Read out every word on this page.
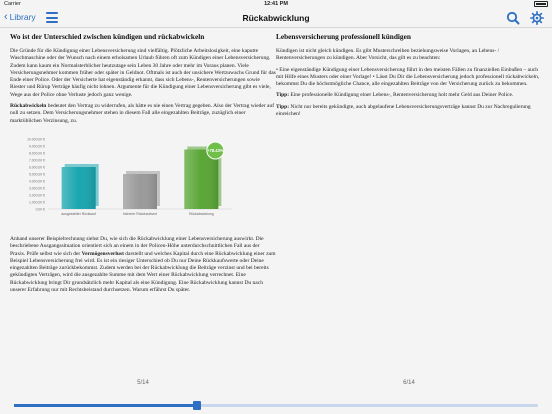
Carrier	12:41 PM
‹ Library	Rückabwicklung
Wo ist der Unterschied zwischen kündigen und rückabwickeln

Die Gründe für die Kündigung einer Lebensversicherung sind vielfältig. Plötzliche Arbeitslosigkeit, eine kaputte Waschmaschine oder der Wunsch nach einem erholsamen Urlaub führen oft zum Kündigen einer Lebensversicherung. Zudem kann kaum ein Normalsterblicher heutzutage sein Leben 30 Jahre oder mehr im Voraus planen. Viele Versicherungsnehmer kommen früher oder später in Geldnot. Oftmals ist auch der unsichere Wertzuwachs Grund für das Ende einer Police. Oder der Versicherte hat eigenständig erkannt, dass sich Lebens-, Rentenversicherungen sowie Riester und Rürup Verträge häufig nicht lohnen. Argumente für die Kündigung einer Lebensversicherung gibt es viele, Wege aus der Police ohne Verluste jedoch ganz wenige.

Rückabwickeln bedeutet den Vertrag zu widerrufen, als hätte es nie einen Vertrag gegeben. Also der Vertrag wieder auf null zu setzen. Dem Versicherungsnehmer stehen in diesem Fall alle eingezahlten Beiträge, zuzüglich einer marktüblichen Verzinsung, zu.

10.000,00 €
9.000,00 €
8.000,00 €
7.000,00 €
6.000,00 €
5.000,00 €
4.000,00 €
3.000,00 €
2.000,00 €
1.000,00 €
0,00 €
ausgezahlter Rückkauf	bisherer Rückkaufwert	Rückabwicklung
+78.43%

Anhand unserer Beispielrechnung siehst Du, wie sich die Rückabwicklung einer Lebensversicherung auswirkt. Die beschriebene Ausgangssituation orientiert sich an einem in der Policen-Höhe unterdurchschnittlichen Fall aus der Praxis. Prüfe selbst wie sich der Vermögensverlust darstellt und welches Kapital durch eine Rückabwicklung einer zum Beispiel Lebensversicherung frei wird. Es ist ein riesiger Unterschied ob Du nur Deine Rückkaufswerte oder Deine eingezahlten Beiträge zurückbekommst. Zudem werden bei der Rückabwicklung die Beiträge verzinst und bei bereits gekündigten Verträgen, wird die ausgezahlte Summe mit dem Wert einer Rückabwicklung verrechnet. Eine Rückabwicklung bringt Dir grundsätzlich mehr Kapital als eine Kündigung. Eine Rückabwicklung kannst Du nach unserer Erfahrung nur mit Rechtsbeistand durchsetzen. Warum erfährst Du später.

5/14
Lebensversicherung professionell kündigen

Kündigen ist nicht gleich kündigen. Es gibt Musterschreiben beziehungsweise Vorlagen, an Lebens- / Rentenversicherungen zu kündigen. Aber Vorsicht, das gilt es zu beachten:

• Eine eigenständige Kündigung einer Lebensversicherung führt in den meisten Fällen zu finanziellen Einbußen – auch mit Hilfe eines Musters oder einer Vorlage! • Lässt Du Dir die Lebensversicherung jedoch professionell rückabwickeln, bekommst Du die höchstmögliche Chance, alle eingezahlten Beiträge von der Versicherung zurück zu bekommen.

Tipp: Eine professionelle Kündigung einer Lebens-, Rentenversicherung holt mehr Geld aus Deiner Police.

Tipp: Nicht nur bereits gekündigte, auch abgelaufene Lebensversicherungsverträge kannst Du zur Nachregulierung einreichen!

6/14
